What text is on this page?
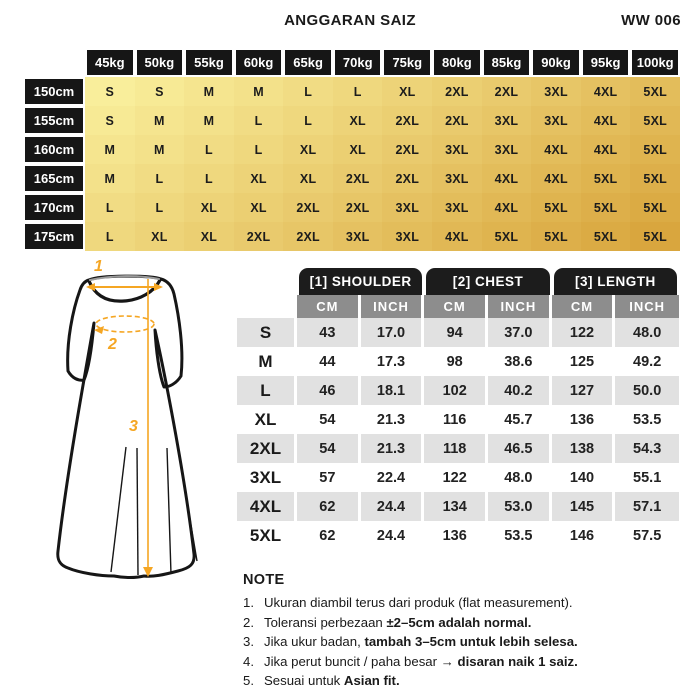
ANGGARAN SAIZ	WW 006
45kg	50kg	55kg	60kg	65kg	70kg	75kg	80kg	85kg	90kg	95kg	100kg
150cm	S	S	M	M	L	L	XL	2XL	2XL	3XL	4XL	5XL
155cm	S	M	M	L	L	XL	2XL	2XL	3XL	3XL	4XL	5XL
160cm	M	M	L	L	XL	XL	2XL	3XL	3XL	4XL	4XL	5XL
165cm	M	L	L	XL	XL	2XL	2XL	3XL	4XL	4XL	5XL	5XL
170cm	L	L	XL	XL	2XL	2XL	3XL	3XL	4XL	5XL	5XL	5XL
175cm	L	XL	XL	2XL	2XL	3XL	3XL	4XL	5XL	5XL	5XL	5XL
1
2
3
[1] SHOULDER	[2] CHEST	[3] LENGTH
CM	INCH	CM	INCH	CM	INCH
S	43	17.0	94	37.0	122	48.0
M	44	17.3	98	38.6	125	49.2
L	46	18.1	102	40.2	127	50.0
XL	54	21.3	116	45.7	136	53.5
2XL	54	21.3	118	46.5	138	54.3
3XL	57	22.4	122	48.0	140	55.1
4XL	62	24.4	134	53.0	145	57.1
5XL	62	24.4	136	53.5	146	57.5
NOTE
1. Ukuran diambil terus dari produk (flat measurement).
2. Toleransi perbezaan ±2–5cm adalah normal.
3. Jika ukur badan, tambah 3–5cm untuk lebih selesa.
4. Jika perut buncit / paha besar → disaran naik 1 saiz.
5. Sesuai untuk Asian fit.
